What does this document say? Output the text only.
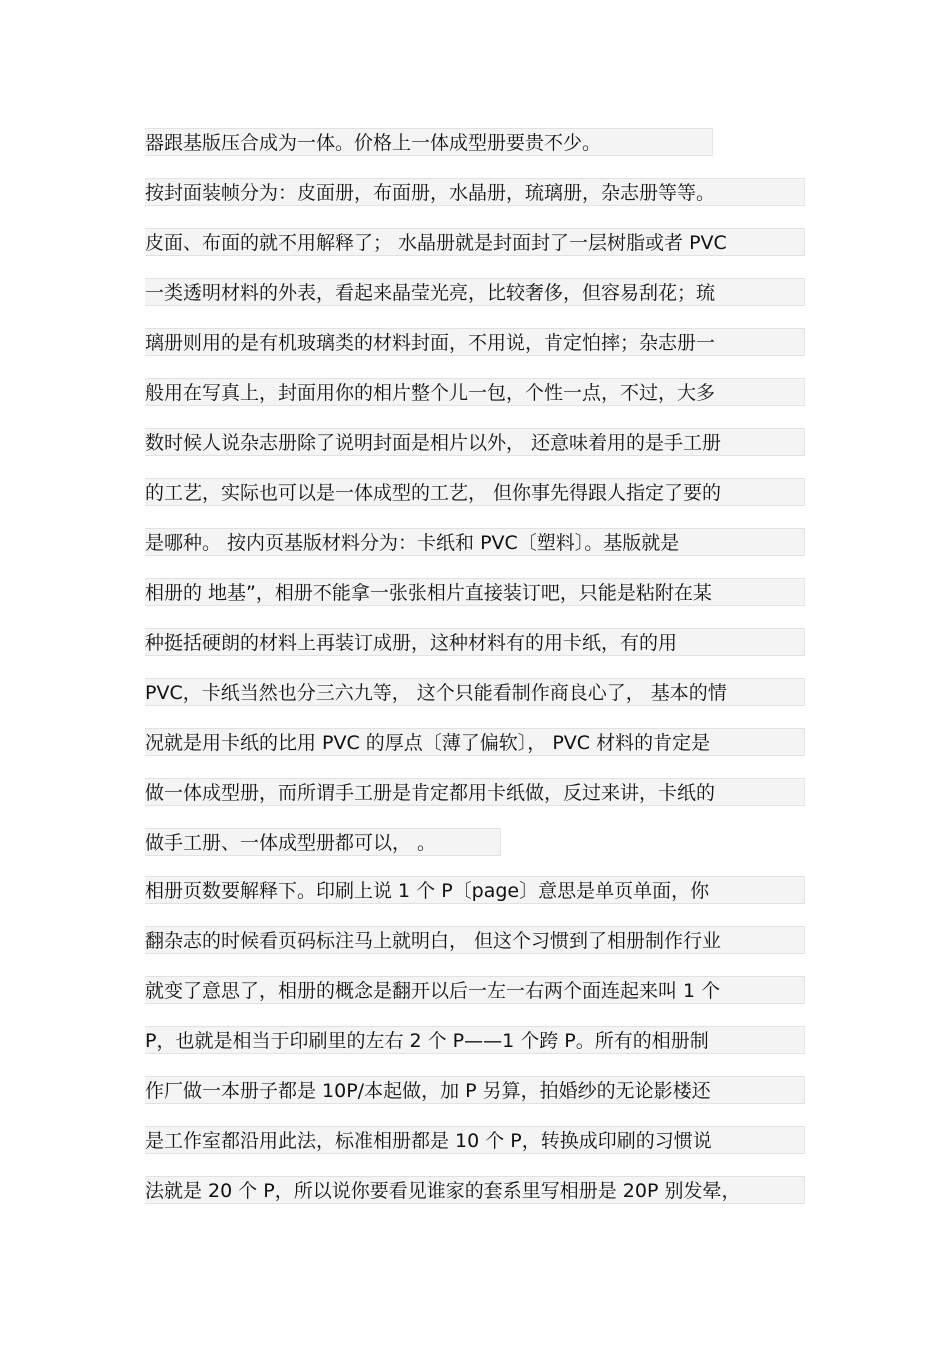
器跟基版压合成为一体。价格上一体成型册要贵不少。
按封面装帧分为：皮面册，布面册，水晶册，琉璃册，杂志册等等。
皮面、布面的就不用解释了； 水晶册就是封面封了一层树脂或者 PVC
一类透明材料的外表，看起来晶莹光亮，比较奢侈，但容易刮花；琉
璃册则用的是有机玻璃类的材料封面，不用说，肯定怕摔；杂志册一
般用在写真上，封面用你的相片整个儿一包，个性一点，不过，大多
数时候人说杂志册除了说明封面是相片以外， 还意味着用的是手工册
的工艺，实际也可以是一体成型的工艺， 但你事先得跟人指定了要的
是哪种。 按内页基版材料分为：卡纸和 PVC〔塑料〕。基版就是
相册的 地基”，相册不能拿一张张相片直接装订吧，只能是粘附在某
种挺括硬朗的材料上再装订成册，这种材料有的用卡纸，有的用
PVC，卡纸当然也分三六九等， 这个只能看制作商良心了， 基本的情
况就是用卡纸的比用 PVC 的厚点〔薄了偏软〕， PVC 材料的肯定是
做一体成型册，而所谓手工册是肯定都用卡纸做，反过来讲，卡纸的
做手工册、一体成型册都可以， 。
相册页数要解释下。印刷上说 1 个 P〔page〕意思是单页单面，你
翻杂志的时候看页码标注马上就明白， 但这个习惯到了相册制作行业
就变了意思了，相册的概念是翻开以后一左一右两个面连起来叫 1 个
P，也就是相当于印刷里的左右 2 个 P——1 个跨 P。所有的相册制
作厂做一本册子都是 10P/本起做，加 P 另算，拍婚纱的无论影楼还
是工作室都沿用此法，标准相册都是 10 个 P，转换成印刷的习惯说
法就是 20 个 P，所以说你要看见谁家的套系里写相册是 20P 别发晕，
